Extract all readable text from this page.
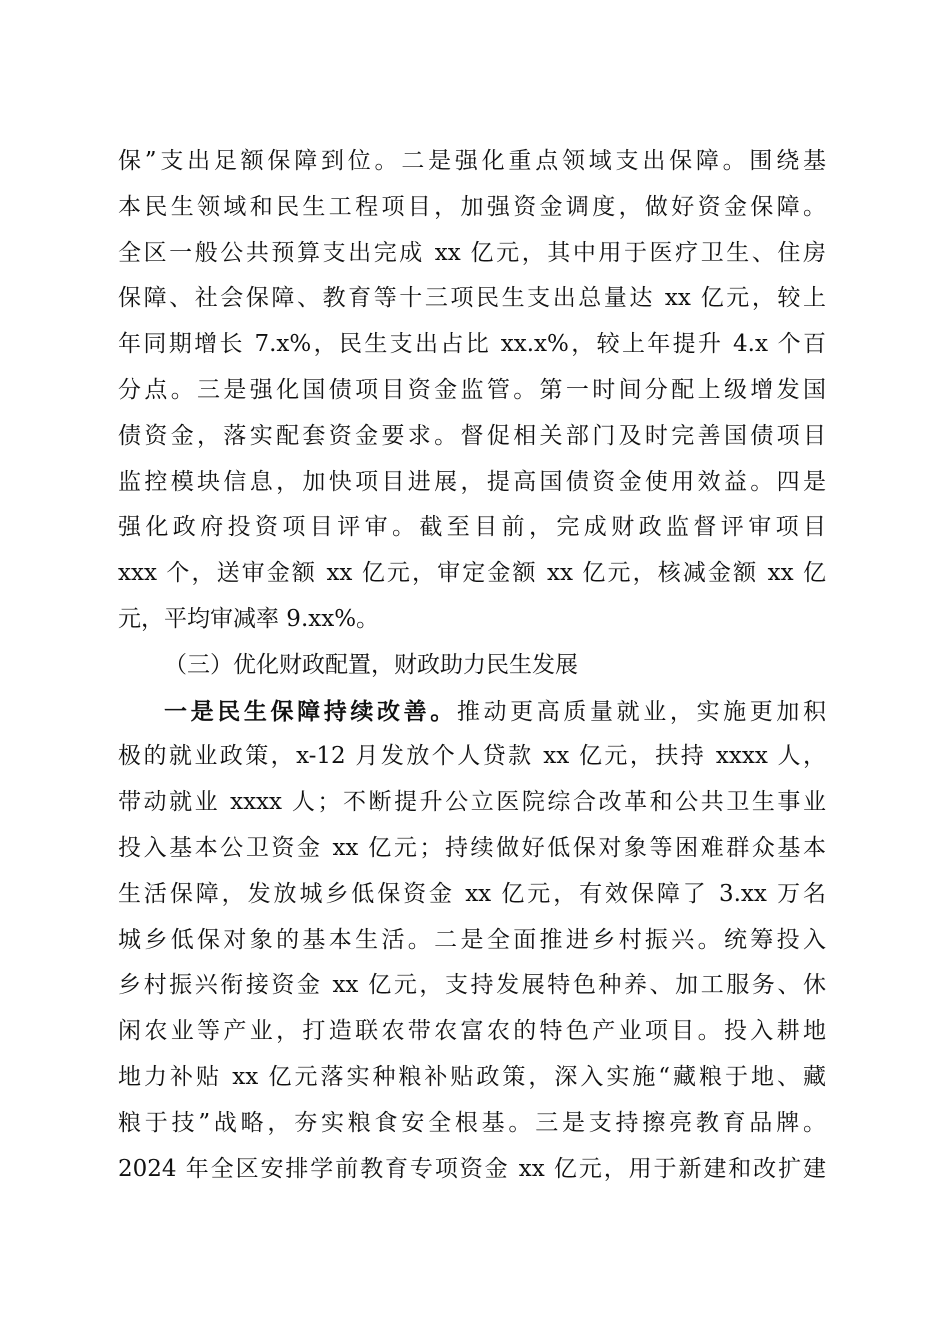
保”支出足额保障到位。二是强化重点领域支出保障。围绕基
本民生领域和民生工程项目，加强资金调度，做好资金保障。
全区一般公共预算支出完成 xx 亿元，其中用于医疗卫生、住房
保障、社会保障、教育等十三项民生支出总量达 xx 亿元，较上
年同期增长 7.x%，民生支出占比 xx.x%，较上年提升 4.x 个百
分点。三是强化国债项目资金监管。第一时间分配上级增发国
债资金，落实配套资金要求。督促相关部门及时完善国债项目
监控模块信息，加快项目进展，提高国债资金使用效益。四是
强化政府投资项目评审。截至目前，完成财政监督评审项目
xxx 个，送审金额 xx 亿元，审定金额 xx 亿元，核减金额 xx 亿
元，平均审减率 9.xx%。
（三）优化财政配置，财政助力民生发展
一是民生保障持续改善。推动更高质量就业，实施更加积
极的就业政策，x-12 月发放个人贷款 xx 亿元，扶持 xxxx 人，
带动就业 xxxx 人；不断提升公立医院综合改革和公共卫生事业
投入基本公卫资金 xx 亿元；持续做好低保对象等困难群众基本
生活保障，发放城乡低保资金 xx 亿元，有效保障了 3.xx 万名
城乡低保对象的基本生活。二是全面推进乡村振兴。统筹投入
乡村振兴衔接资金 xx 亿元，支持发展特色种养、加工服务、休
闲农业等产业，打造联农带农富农的特色产业项目。投入耕地
地力补贴 xx 亿元落实种粮补贴政策，深入实施“藏粮于地、藏
粮于技”战略，夯实粮食安全根基。三是支持擦亮教育品牌。
2024 年全区安排学前教育专项资金 xx 亿元，用于新建和改扩建
